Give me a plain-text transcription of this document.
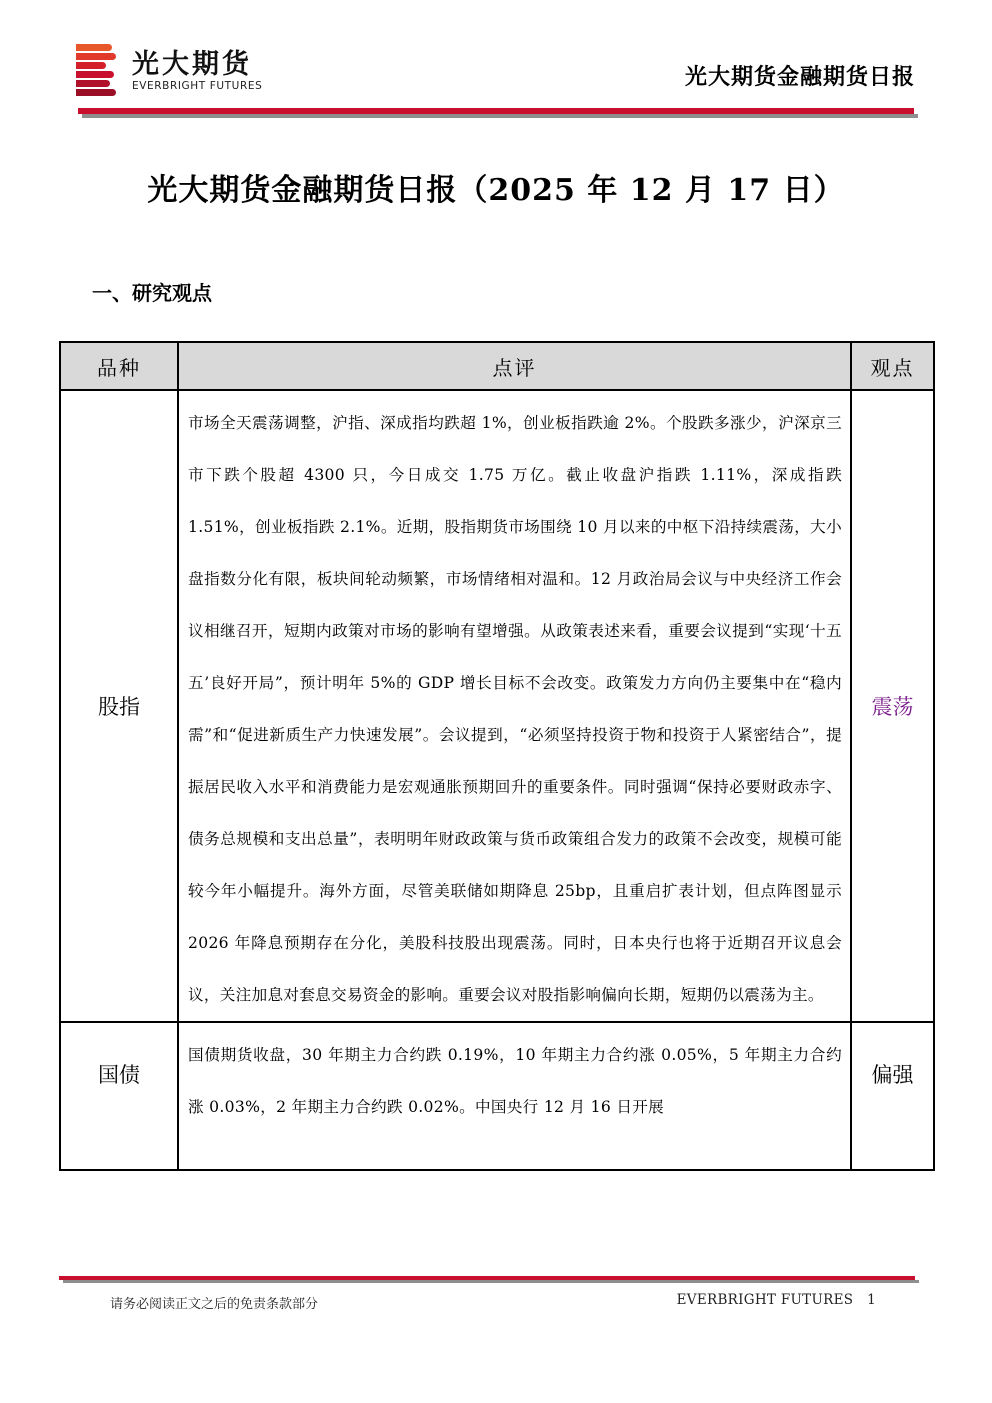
光大期货
EVERBRIGHT FUTURES	光大期货金融期货日报
光大期货金融期货日报（2025 年 12 月 17 日）
一、研究观点
品种	点评	观点
股指	市场全天震荡调整，沪指、深成指均跌超 1%，创业板指跌逾 2%。个股跌多涨少，沪深京三市下跌个股超 4300 只，今日成交 1.75 万亿。截止收盘沪指跌 1.11%，深成指跌 1.51%，创业板指跌 2.1%。近期，股指期货市场围绕 10 月以来的中枢下沿持续震荡，大小盘指数分化有限，板块间轮动频繁，市场情绪相对温和。12 月政治局会议与中央经济工作会议相继召开，短期内政策对市场的影响有望增强。从政策表述来看，重要会议提到“实现‘十五五’良好开局”，预计明年 5%的 GDP 增长目标不会改变。政策发力方向仍主要集中在“稳内需”和“促进新质生产力快速发展”。会议提到，“必须坚持投资于物和投资于人紧密结合”，提振居民收入水平和消费能力是宏观通胀预期回升的重要条件。同时强调“保持必要财政赤字、债务总规模和支出总量”，表明明年财政政策与货币政策组合发力的政策不会改变，规模可能较今年小幅提升。海外方面，尽管美联储如期降息 25bp，且重启扩表计划，但点阵图显示 2026 年降息预期存在分化，美股科技股出现震荡。同时，日本央行也将于近期召开议息会议，关注加息对套息交易资金的影响。重要会议对股指影响偏向长期，短期仍以震荡为主。	震荡
国债	国债期货收盘，30 年期主力合约跌 0.19%，10 年期主力合约涨 0.05%，5 年期主力合约涨 0.03%，2 年期主力合约跌 0.02%。中国央行 12 月 16 日开展	偏强
请务必阅读正文之后的免责条款部分	EVERBRIGHT FUTURES 1
